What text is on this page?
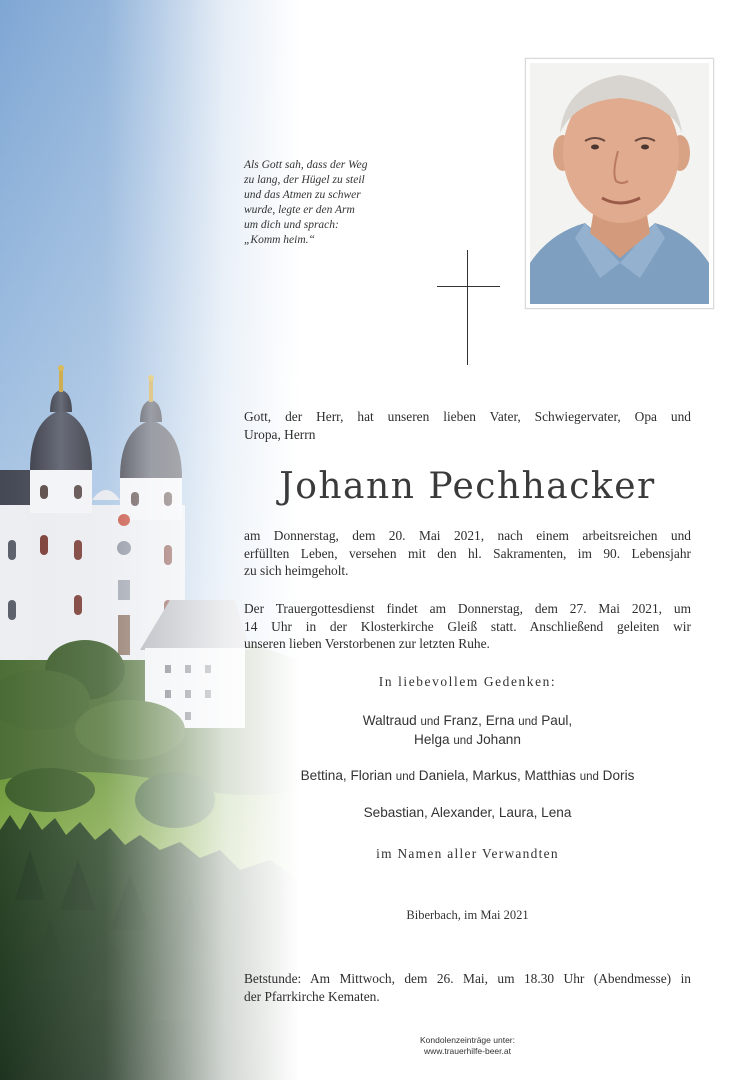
Als Gott sah, dass der Weg
zu lang, der Hügel zu steil
und das Atmen zu schwer
wurde, legte er den Arm
um dich und sprach:
„Komm heim.“
Gott, der Herr, hat unseren lieben Vater, Schwiegervater, Opa und
Uropa, Herrn
Johann Pechhacker
am Donnerstag, dem 20. Mai 2021, nach einem arbeitsreichen und
erfüllten Leben, versehen mit den hl. Sakramenten, im 90. Lebensjahr
zu sich heimgeholt.
Der Trauergottesdienst findet am Donnerstag, dem 27. Mai 2021, um
14 Uhr in der Klosterkirche Gleiß statt. Anschließend geleiten wir
unseren lieben Verstorbenen zur letzten Ruhe.
In liebevollem Gedenken:
Waltraud und Franz, Erna und Paul,
Helga und Johann
Bettina, Florian und Daniela, Markus, Matthias und Doris
Sebastian, Alexander, Laura, Lena
im Namen aller Verwandten
Biberbach, im Mai 2021
Betstunde: Am Mittwoch, dem 26. Mai, um 18.30 Uhr (Abendmesse) in
der Pfarrkirche Kematen.
Kondolenzeinträge unter:
www.trauerhilfe-beer.at
